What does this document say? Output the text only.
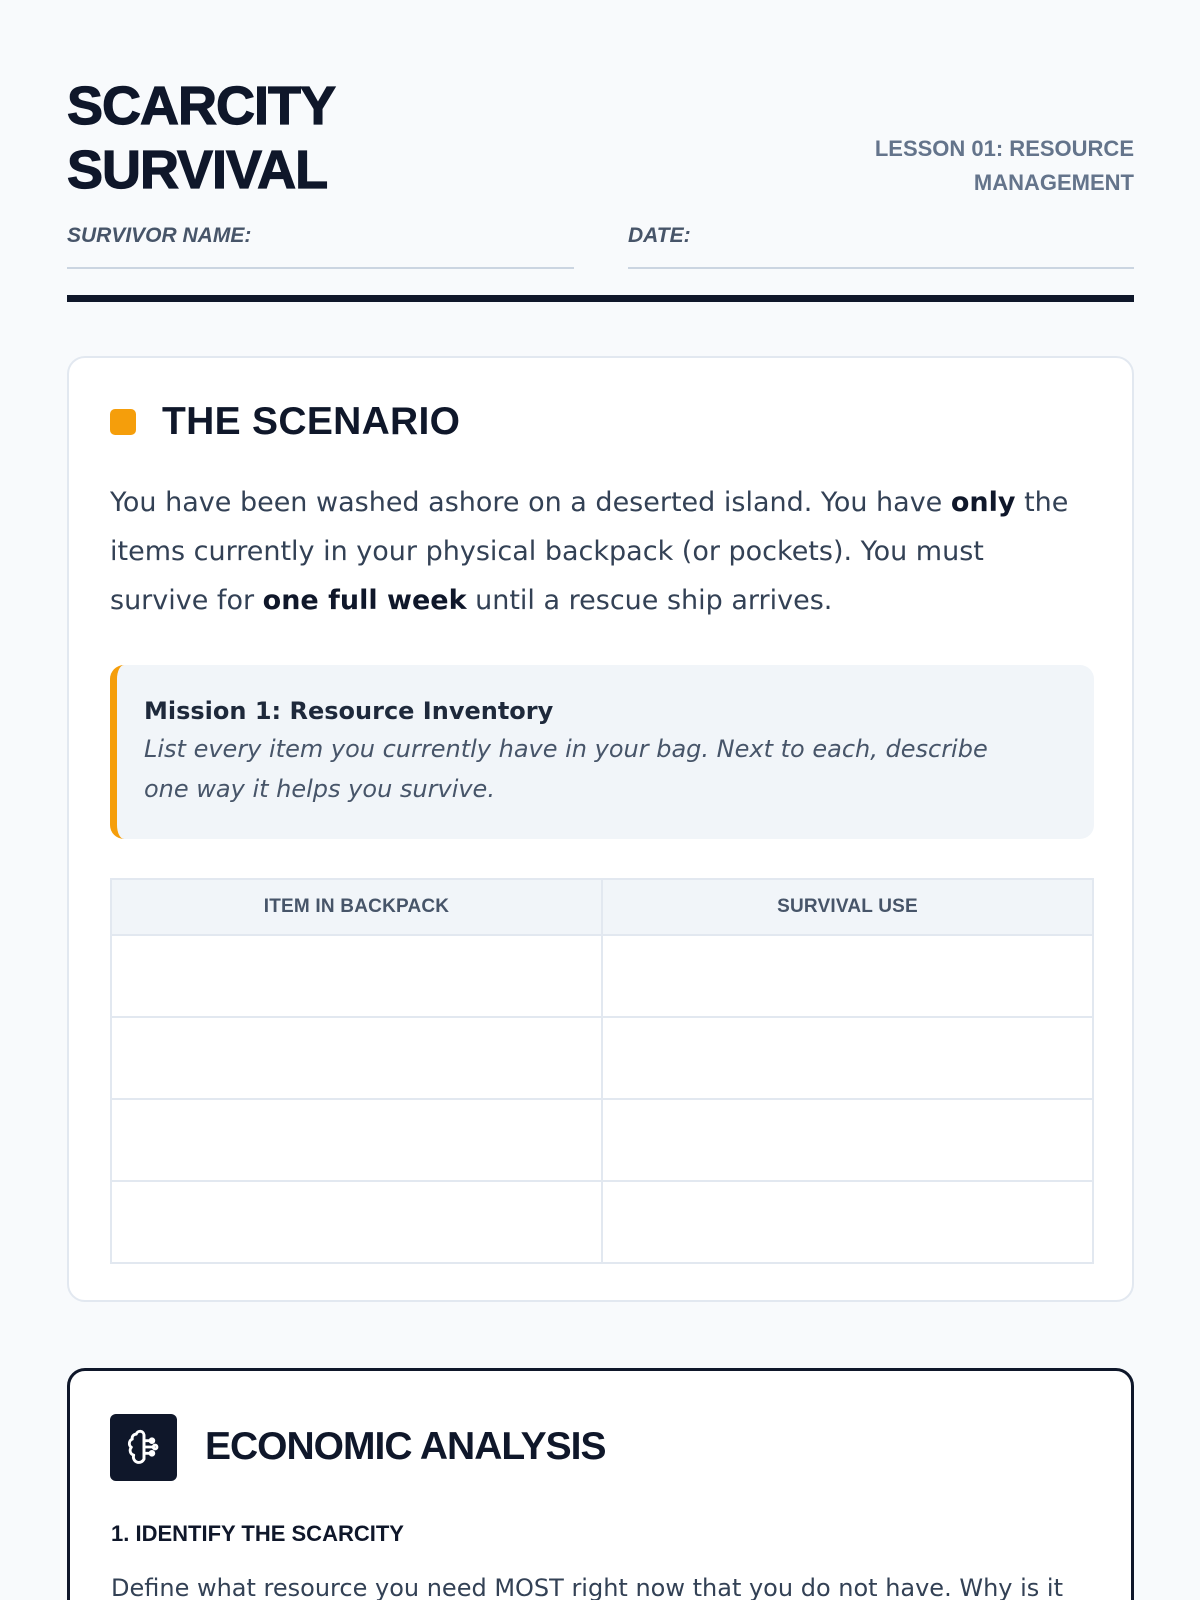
SCARCITY
SURVIVAL	LESSON 01: RESOURCE
MANAGEMENT
SURVIVOR NAME:	DATE:
THE SCENARIO

You have been washed ashore on a deserted island. You have only the items currently in your physical backpack (or pockets). You must survive for one full week until a rescue ship arrives.

Mission 1: Resource Inventory
List every item you currently have in your bag. Next to each, describe one way it helps you survive.
ITEM IN BACKPACK	SURVIVAL USE

ECONOMIC ANALYSIS
1. IDENTIFY THE SCARCITY
Define what resource you need MOST right now that you do not have. Why is it
